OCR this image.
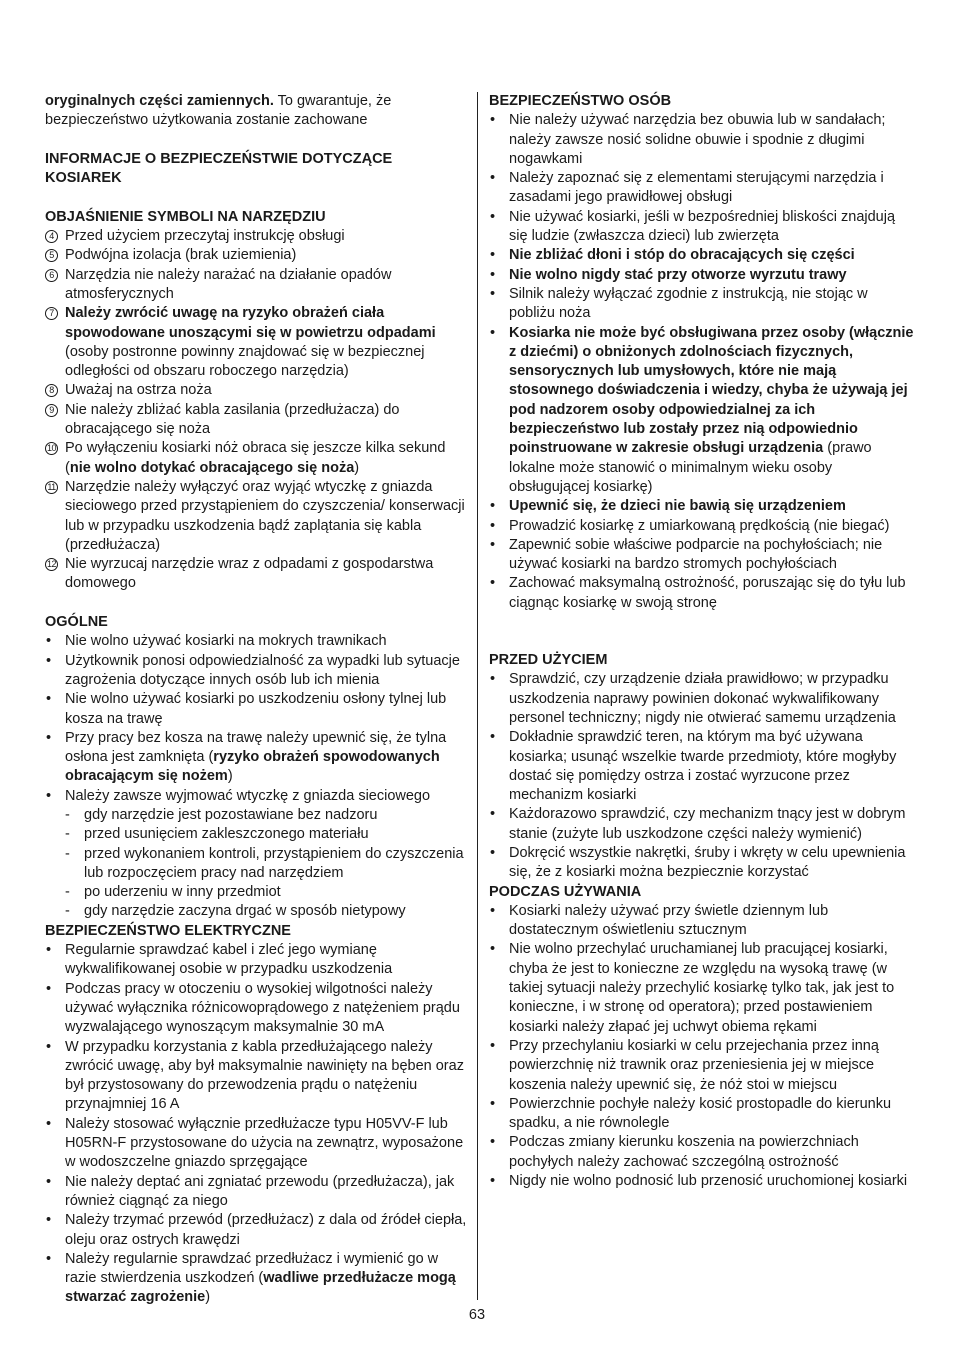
oryginalnych części zamiennych. To gwarantuje, że bezpieczeństwo użytkowania zostanie zachowane

INFORMACJE O BEZPIECZEŃSTWIE DOTYCZĄCE KOSIAREK

OBJAŚNIENIE SYMBOLI NA NARZĘDZIU

4 Przed użyciem przeczytaj instrukcję obsługi
5 Podwójna izolacja (brak uziemienia)
6 Narzędzia nie należy narażać na działanie opadów atmosferycznych
7 Należy zwrócić uwagę na ryzyko obrażeń ciała spowodowane unoszącymi się w powietrzu odpadami (osoby postronne powinny znajdować się w bezpiecznej odległości od obszaru roboczego narzędzia)
8 Uważaj na ostrza noża
9 Nie należy zbliżać kabla zasilania (przedłużacza) do obracającego się noża
10 Po wyłączeniu kosiarki nóż obraca się jeszcze kilka sekund (nie wolno dotykać obracającego się noża)
11 Narzędzie należy wyłączyć oraz wyjąć wtyczkę z gniazda sieciowego przed przystąpieniem do czyszczenia/ konserwacji lub w przypadku uszkodzenia bądź zaplątania się kabla (przedłużacza)
12 Nie wyrzucaj narzędzie wraz z odpadami z gospodarstwa domowego

OGÓLNE

• Nie wolno używać kosiarki na mokrych trawnikach
• Użytkownik ponosi odpowiedzialność za wypadki lub sytuacje zagrożenia dotyczące innych osób lub ich mienia
• Nie wolno używać kosiarki po uszkodzeniu osłony tylnej lub kosza na trawę
• Przy pracy bez kosza na trawę należy upewnić się, że tylna osłona jest zamknięta (ryzyko obrażeń spowodowanych obracającym się nożem)
• Należy zawsze wyjmować wtyczkę z gniazda sieciowego
- gdy narzędzie jest pozostawiane bez nadzoru
- przed usunięciem zakleszczonego materiału
- przed wykonaniem kontroli, przystąpieniem do czyszczenia lub rozpoczęciem pracy nad narzędziem
- po uderzeniu w inny przedmiot
- gdy narzędzie zaczyna drgać w sposób nietypowy

BEZPIECZEŃSTWO ELEKTRYCZNE

• Regularnie sprawdzać kabel i zleć jego wymianę wykwalifikowanej osobie w przypadku uszkodzenia
• Podczas pracy w otoczeniu o wysokiej wilgotności należy używać wyłącznika różnicowoprądowego z natężeniem prądu wyzwalającego wynoszącym maksymalnie 30 mA
• W przypadku korzystania z kabla przedłużającego należy zwrócić uwagę, aby był maksymalnie nawinięty na bęben oraz był przystosowany do przewodzenia prądu o natężeniu przynajmniej 16 A
• Należy stosować wyłącznie przedłużacze typu H05VV-F lub H05RN-F przystosowane do użycia na zewnątrz, wyposażone w wodoszczelne gniazdo sprzęgające
• Nie należy deptać ani zgniatać przewodu (przedłużacza), jak również ciągnąć za niego
• Należy trzymać przewód (przedłużacz) z dala od źródeł ciepła, oleju oraz ostrych krawędzi
• Należy regularnie sprawdzać przedłużacz i wymienić go w razie stwierdzenia uszkodzeń (wadliwe przedłużacze mogą stwarzać zagrożenie)

BEZPIECZEŃSTWO OSÓB

• Nie należy używać narzędzia bez obuwia lub w sandałach; należy zawsze nosić solidne obuwie i spodnie z długimi nogawkami
• Należy zapoznać się z elementami sterującymi narzędzia i zasadami jego prawidłowej obsługi
• Nie używać kosiarki, jeśli w bezpośredniej bliskości znajdują się ludzie (zwłaszcza dzieci) lub zwierzęta
• Nie zbliżać dłoni i stóp do obracających się części
• Nie wolno nigdy stać przy otworze wyrzutu trawy
• Silnik należy wyłączać zgodnie z instrukcją, nie stojąc w pobliżu noża
• Kosiarka nie może być obsługiwana przez osoby (włącznie z dziećmi) o obniżonych zdolnościach fizycznych, sensorycznych lub umysłowych, które nie mają stosownego doświadczenia i wiedzy, chyba że używają jej pod nadzorem osoby odpowiedzialnej za ich bezpieczeństwo lub zostały przez nią odpowiednio poinstruowane w zakresie obsługi urządzenia (prawo lokalne może stanowić o minimalnym wieku osoby obsługującej kosiarkę)
• Upewnić się, że dzieci nie bawią się urządzeniem
• Prowadzić kosiarkę z umiarkowaną prędkością (nie biegać)
• Zapewnić sobie właściwe podparcie na pochyłościach; nie używać kosiarki na bardzo stromych pochyłościach
• Zachować maksymalną ostrożność, poruszając się do tyłu lub ciągnąc kosiarkę w swoją stronę

PRZED UŻYCIEM

• Sprawdzić, czy urządzenie działa prawidłowo; w przypadku uszkodzenia naprawy powinien dokonać wykwalifikowany personel techniczny; nigdy nie otwierać samemu urządzenia
• Dokładnie sprawdzić teren, na którym ma być używana kosiarka; usunąć wszelkie twarde przedmioty, które mogłyby dostać się pomiędzy ostrza i zostać wyrzucone przez mechanizm kosiarki
• Każdorazowo sprawdzić, czy mechanizm tnący jest w dobrym stanie (zużyte lub uszkodzone części należy wymienić)
• Dokręcić wszystkie nakrętki, śruby i wkręty w celu upewnienia się, że z kosiarki można bezpiecznie korzystać

PODCZAS UŻYWANIA

• Kosiarki należy używać przy świetle dziennym lub dostatecznym oświetleniu sztucznym
• Nie wolno przechylać uruchamianej lub pracującej kosiarki, chyba że jest to konieczne ze względu na wysoką trawę (w takiej sytuacji należy przechylić kosiarkę tylko tak, jak jest to konieczne, i w stronę od operatora); przed postawieniem kosiarki należy złapać jej uchwyt obiema rękami
• Przy przechylaniu kosiarki w celu przejechania przez inną powierzchnię niż trawnik oraz przeniesienia jej w miejsce koszenia należy upewnić się, że nóż stoi w miejscu
• Powierzchnie pochyłe należy kosić prostopadle do kierunku spadku, a nie równolegle
• Podczas zmiany kierunku koszenia na powierzchniach pochyłych należy zachować szczególną ostrożność
• Nigdy nie wolno podnosić lub przenosić uruchomionej kosiarki
63
